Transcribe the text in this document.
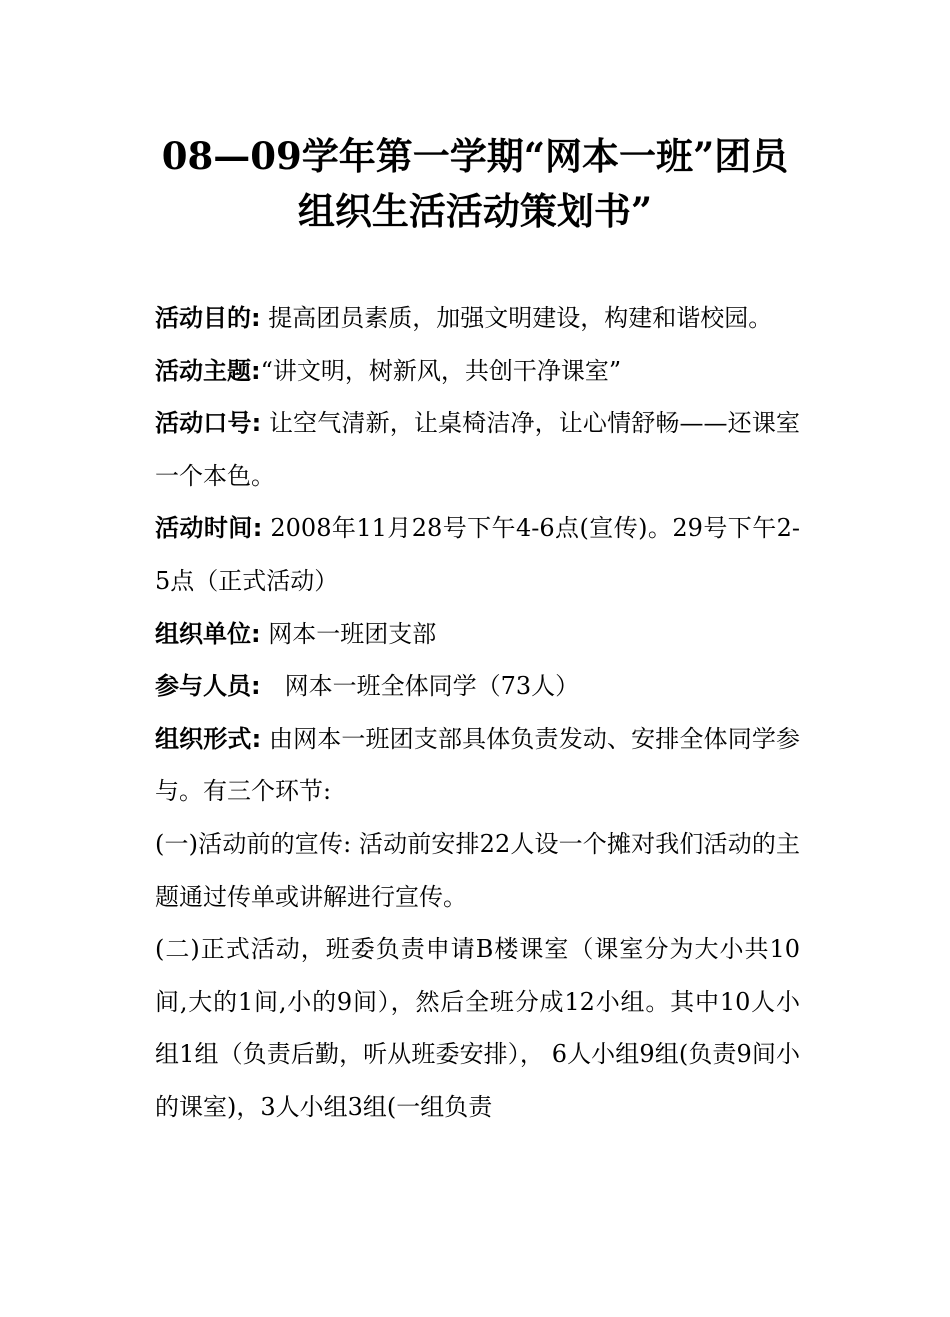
08—09学年第一学期“网本一班”团员
组织生活活动策划书”

活动目的: 提高团员素质，加强文明建设，构建和谐校园。

活动主题:“讲文明，树新风，共创干净课室”

活动口号: 让空气清新，让桌椅洁净，让心情舒畅——还课室一个本色。

活动时间: 2008年11月28号下午4-6点(宣传)。29号下午2-5点（正式活动）

组织单位: 网本一班团支部

参与人员:　网本一班全体同学（73人）

组织形式: 由网本一班团支部具体负责发动、安排全体同学参与。有三个环节:

(一)活动前的宣传: 活动前安排22人设一个摊对我们活动的主题通过传单或讲解进行宣传。

(二)正式活动，班委负责申请B楼课室（课室分为大小共10间,大的1间,小的9间），然后全班分成12小组。其中10人小组1组（负责后勤，听从班委安排）， 6人小组9组(负责9间小的课室)，3人小组3组(一组负责
